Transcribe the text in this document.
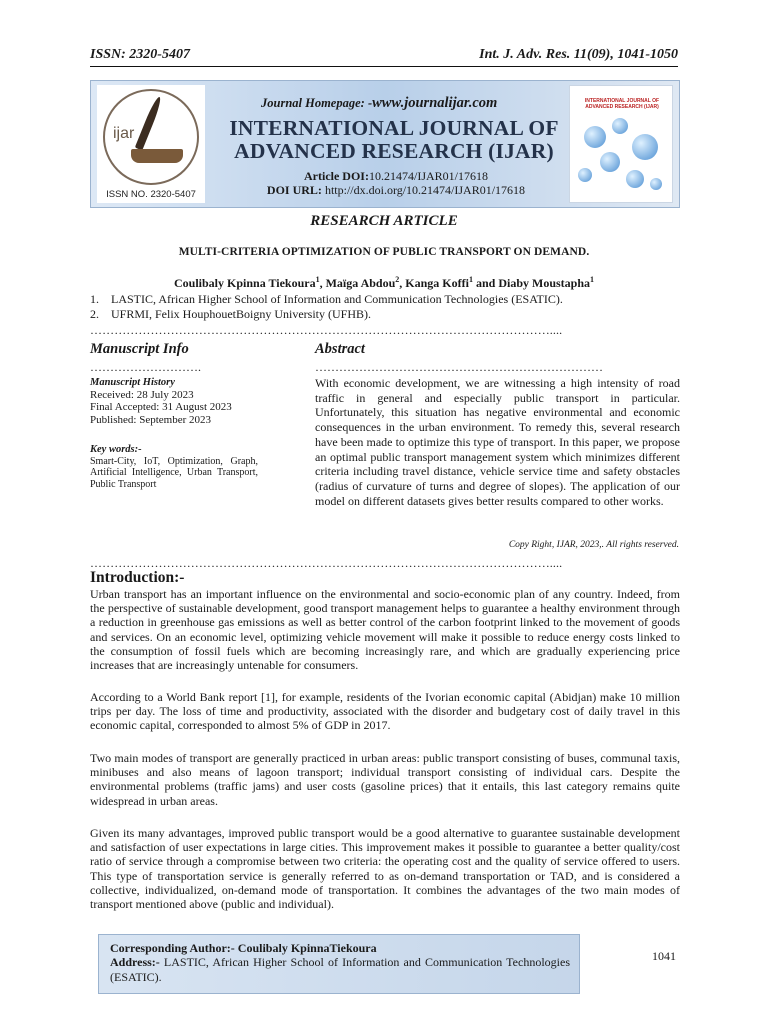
ISSN: 2320-5407	Int. J. Adv. Res. 11(09), 1041-1050
ijar
ISSN NO. 2320-5407
Journal Homepage: -www.journalijar.com
INTERNATIONAL JOURNAL OF
ADVANCED RESEARCH (IJAR)
Article DOI:10.21474/IJAR01/17618
DOI URL: http://dx.doi.org/10.21474/IJAR01/17618
INTERNATIONAL JOURNAL OF ADVANCED RESEARCH (IJAR)
RESEARCH ARTICLE
MULTI-CRITERIA OPTIMIZATION OF PUBLIC TRANSPORT ON DEMAND.
Coulibaly Kpinna Tiekoura$^1$, Maïga Abdou$^2$, Kanga Koffi$^1$ and Diaby Moustapha$^1$
1. LASTIC, African Higher School of Information and Communication Technologies (ESATIC).
2. UFRMI, Felix HouphouetBoigny University (UFHB).
……………………………………………………………………………………………………....
Manuscript Info	Abstract
……………………….	………………………………………………………………
Manuscript History
Received: 28 July 2023
Final Accepted: 31 August 2023
Published: September 2023
Key words:-
Smart-City, IoT, Optimization, Graph, Artificial Intelligence, Urban Transport, Public Transport
With economic development, we are witnessing a high intensity of road traffic in general and especially public transport in particular. Unfortunately, this situation has negative environmental and economic consequences in the urban environment. To remedy this, several research have been made to optimize this type of transport. In this paper, we propose an optimal public transport management system which minimizes different criteria including travel distance, vehicle service time and safety obstacles (radius of curvature of turns and degree of slopes). The application of our model on different datasets gives better results compared to other works.
Copy Right, IJAR, 2023,. All rights reserved.
……………………………………………………………………………………………………....
Introduction:-
Urban transport has an important influence on the environmental and socio-economic plan of any country. Indeed, from the perspective of sustainable development, good transport management helps to guarantee a healthy environment through a reduction in greenhouse gas emissions as well as better control of the carbon footprint linked to the movement of goods and services. On an economic level, optimizing vehicle movement will make it possible to reduce energy costs linked to the consumption of fossil fuels which are becoming increasingly rare, and which are gradually experiencing price increases that are increasingly untenable for consumers.
According to a World Bank report [1], for example, residents of the Ivorian economic capital (Abidjan) make 10 million trips per day. The loss of time and productivity, associated with the disorder and budgetary cost of daily travel in this economic capital, corresponded to almost 5% of GDP in 2017.
Two main modes of transport are generally practiced in urban areas: public transport consisting of buses, communal taxis, minibuses and also means of lagoon transport; individual transport consisting of individual cars. Despite the environmental problems (traffic jams) and user costs (gasoline prices) that it entails, this last category remains quite widespread in urban areas.
Given its many advantages, improved public transport would be a good alternative to guarantee sustainable development and satisfaction of user expectations in large cities. This improvement makes it possible to guarantee a better quality/cost ratio of service through a compromise between two criteria: the operating cost and the quality of service offered to users. This type of transportation service is generally referred to as on-demand transportation or TAD, and is considered a collective, individualized, on-demand mode of transportation. It combines the advantages of the two main modes of transport mentioned above (public and individual).
Corresponding Author:- Coulibaly KpinnaTiekoura
Address:- LASTIC, African Higher School of Information and Communication Technologies (ESATIC).
1041
